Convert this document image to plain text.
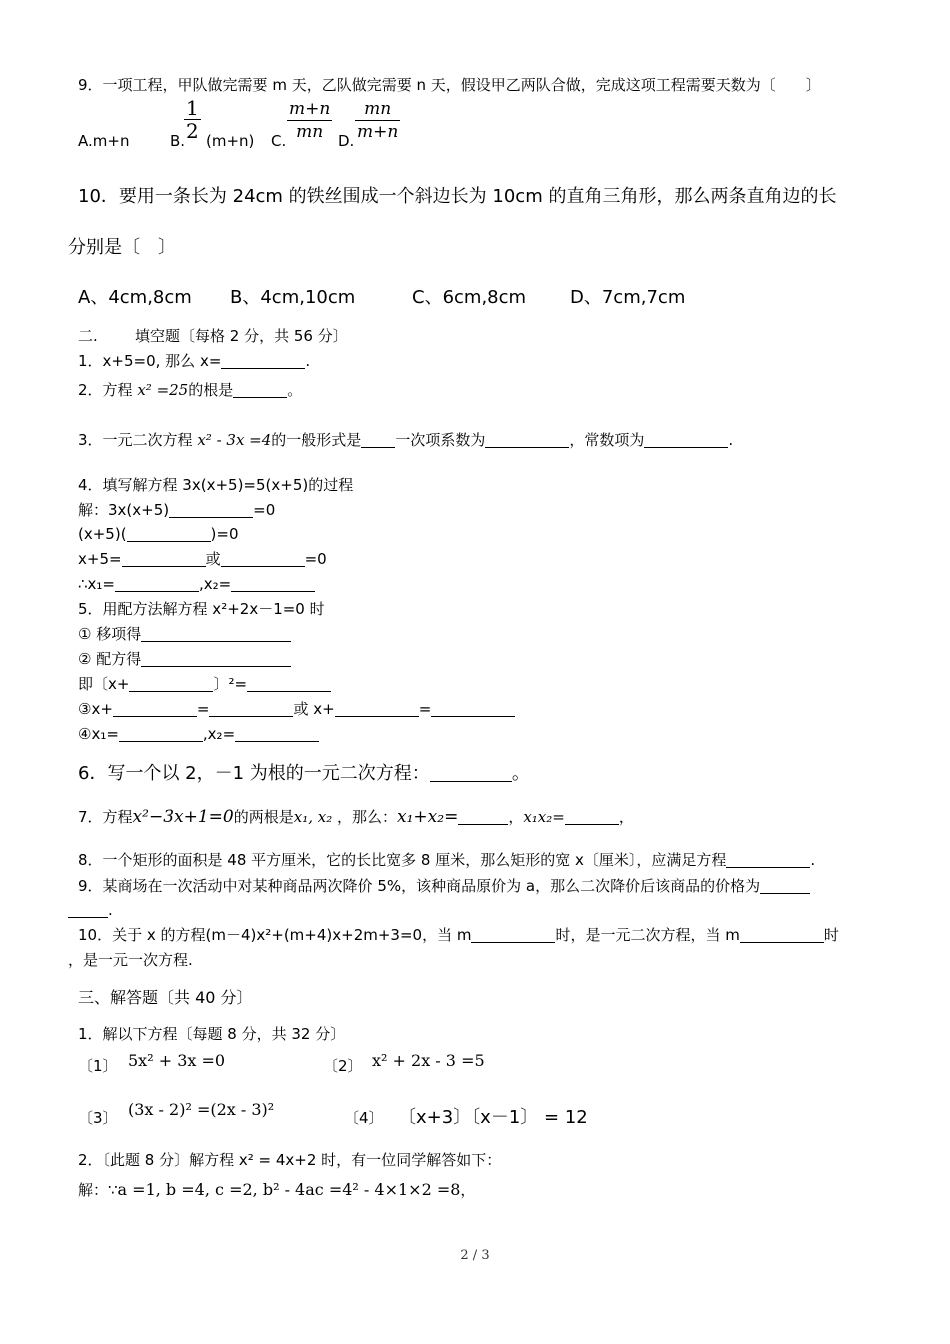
9．一项工程，甲队做完需要 m 天，乙队做完需要 n 天，假设甲乙两队合做，完成这项工程需要天数为〔　　〕
A.m+n	B.
$\frac{1}{2} (m+n)$ C. $\frac{m+n}{mn} D$. $\frac{mn}{m+n}$
10．要用一条长为 24cm 的铁丝围成一个斜边长为 10cm 的直角三角形，那么两条直角边的长
分别是〔　〕
A、4cm,8cm B、4cm,10cm	C、6cm,8cm D、7cm,7cm
二. 填空题〔每格 2 分，共 56 分〕
1．x+5=0, 那么 x=	.
2．方程 x² =25的根是	。
3．一元二次方程 x² - 3x =4的一般形式是 一次项系数为	，常数项为	.
4．填写解方程 3x(x+5)=5(x+5)的过程
解：3x(x+5)	=0
(x+5)(	)=0
x+5=	或	=0
∴x₁=	,x₂=
5．用配方法解方程 x²+2x－1=0 时
① 移项得
② 配方得
即〔x+	〕²=
③x+	=	或 x+	=
④x₁=	,x₂=
6．写一个以 2，－1 为根的一元二次方程：	。
7．方程x²−3x+1=0的两根是x₁, x₂ ，那么：x₁+x₂=	，x₁x₂=	，
8．一个矩形的面积是 48 平方厘米，它的长比宽多 8 厘米，那么矩形的宽 x〔厘米〕，应满足方程	.
9．某商场在一次活动中对某种商品两次降价 5%，该种商品原价为 a，那么二次降价后该商品的价格为
.
10．关于 x 的方程(m－4)x²+(m+4)x+2m+3=0，当 m	时，是一元二次方程，当 m	时
，是一元一次方程.
三、解答题〔共 40 分〕
1．解以下方程〔每题 8 分，共 32 分〕
〔1〕 5x² + 3x =0	〔2〕 x² + 2x - 3 =5
〔3〕 (3x - 2)² =(2x - 3)²	〔4〕 〔x+3〕〔x－1〕 = 12
2．〔此题 8 分〕解方程 x² = 4x+2 时，有一位同学解答如下：
解：∵a =1, b =4, c =2, b² - 4ac =4² - 4×1×2 =8，
2 / 3
